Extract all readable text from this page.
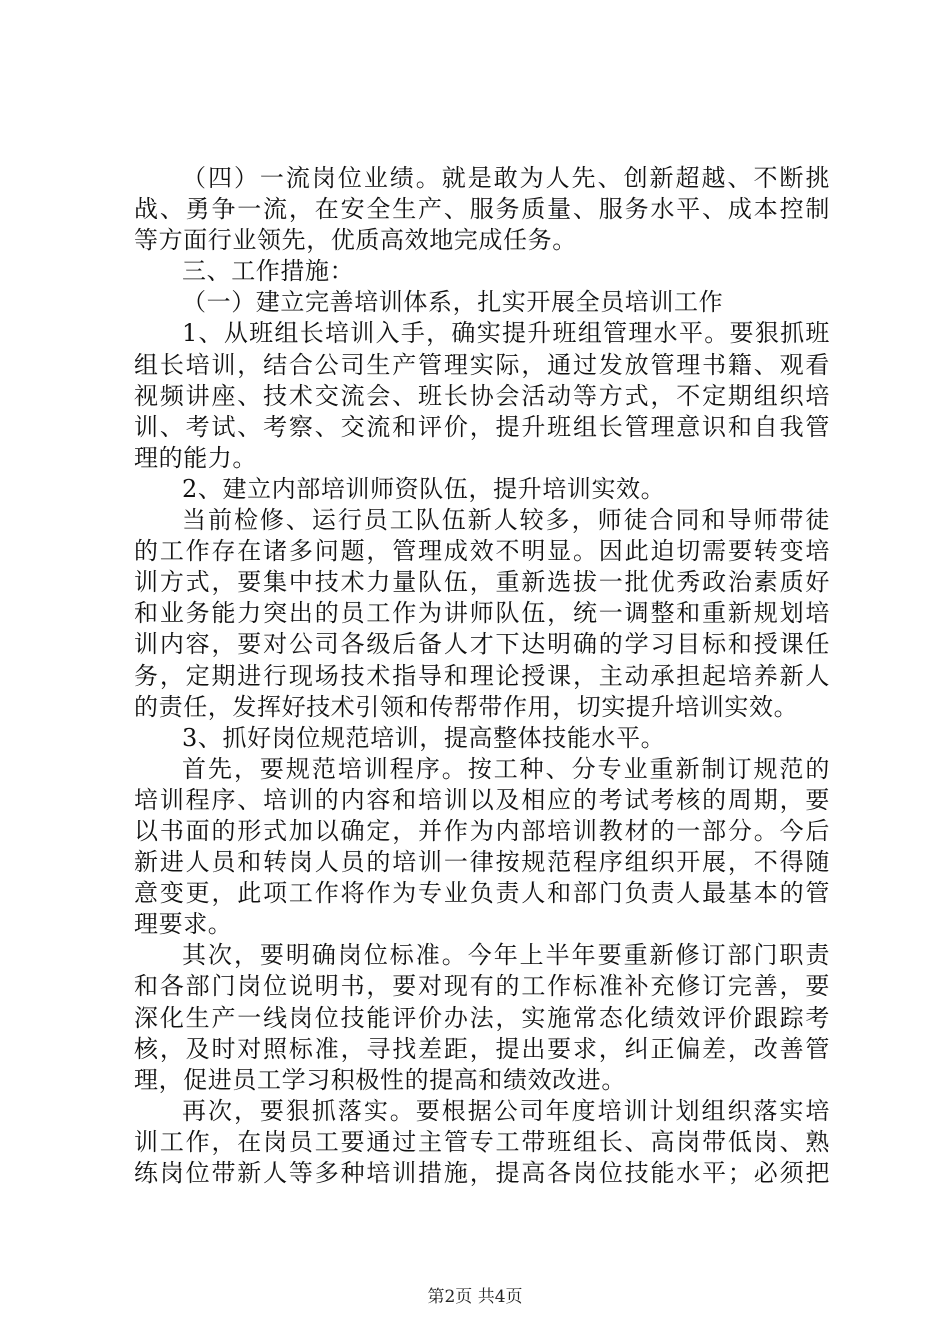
（四）一流岗位业绩。就是敢为人先、创新超越、不断挑
战、勇争一流，在安全生产、服务质量、服务水平、成本控制
等方面行业领先，优质高效地完成任务。
三、工作措施：
（一）建立完善培训体系，扎实开展全员培训工作
1、从班组长培训入手，确实提升班组管理水平。要狠抓班
组长培训，结合公司生产管理实际，通过发放管理书籍、观看
视频讲座、技术交流会、班长协会活动等方式，不定期组织培
训、考试、考察、交流和评价，提升班组长管理意识和自我管
理的能力。
2、建立内部培训师资队伍，提升培训实效。
当前检修、运行员工队伍新人较多，师徒合同和导师带徒
的工作存在诸多问题，管理成效不明显。因此迫切需要转变培
训方式，要集中技术力量队伍，重新选拔一批优秀政治素质好
和业务能力突出的员工作为讲师队伍，统一调整和重新规划培
训内容，要对公司各级后备人才下达明确的学习目标和授课任
务，定期进行现场技术指导和理论授课，主动承担起培养新人
的责任，发挥好技术引领和传帮带作用，切实提升培训实效。
3、抓好岗位规范培训，提高整体技能水平。
首先，要规范培训程序。按工种、分专业重新制订规范的
培训程序、培训的内容和培训以及相应的考试考核的周期，要
以书面的形式加以确定，并作为内部培训教材的一部分。今后
新进人员和转岗人员的培训一律按规范程序组织开展，不得随
意变更，此项工作将作为专业负责人和部门负责人最基本的管
理要求。
其次，要明确岗位标准。今年上半年要重新修订部门职责
和各部门岗位说明书，要对现有的工作标准补充修订完善，要
深化生产一线岗位技能评价办法，实施常态化绩效评价跟踪考
核，及时对照标准，寻找差距，提出要求，纠正偏差，改善管
理，促进员工学习积极性的提高和绩效改进。
再次，要狠抓落实。要根据公司年度培训计划组织落实培
训工作，在岗员工要通过主管专工带班组长、高岗带低岗、熟
练岗位带新人等多种培训措施，提高各岗位技能水平；必须把
第2页 共4页
